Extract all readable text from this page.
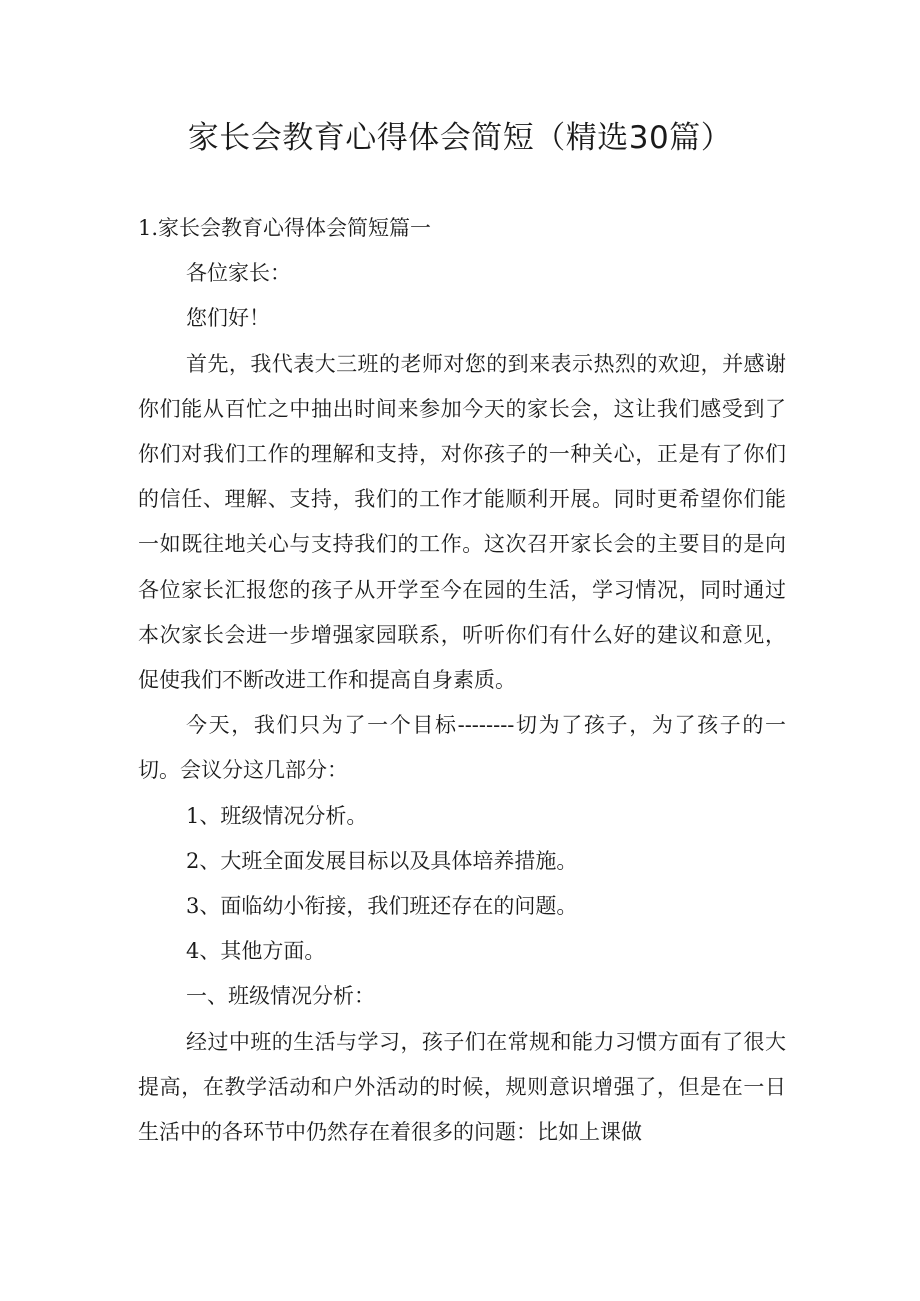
家长会教育心得体会简短（精选30篇）

1.家长会教育心得体会简短篇一

各位家长：

您们好！

首先，我代表大三班的老师对您的到来表示热烈的欢迎，并感谢你们能从百忙之中抽出时间来参加今天的家长会，这让我们感受到了你们对我们工作的理解和支持，对你孩子的一种关心，正是有了你们的信任、理解、支持，我们的工作才能顺利开展。同时更希望你们能一如既往地关心与支持我们的工作。这次召开家长会的主要目的是向各位家长汇报您的孩子从开学至今在园的生活，学习情况，同时通过本次家长会进一步增强家园联系，听听你们有什么好的建议和意见，促使我们不断改进工作和提高自身素质。

今天，我们只为了一个目标--------切为了孩子，为了孩子的一切。会议分这几部分：

1、班级情况分析。

2、大班全面发展目标以及具体培养措施。

3、面临幼小衔接，我们班还存在的问题。

4、其他方面。

一、班级情况分析：

经过中班的生活与学习，孩子们在常规和能力习惯方面有了很大提高，在教学活动和户外活动的时候，规则意识增强了，但是在一日生活中的各环节中仍然存在着很多的问题：比如上课做
